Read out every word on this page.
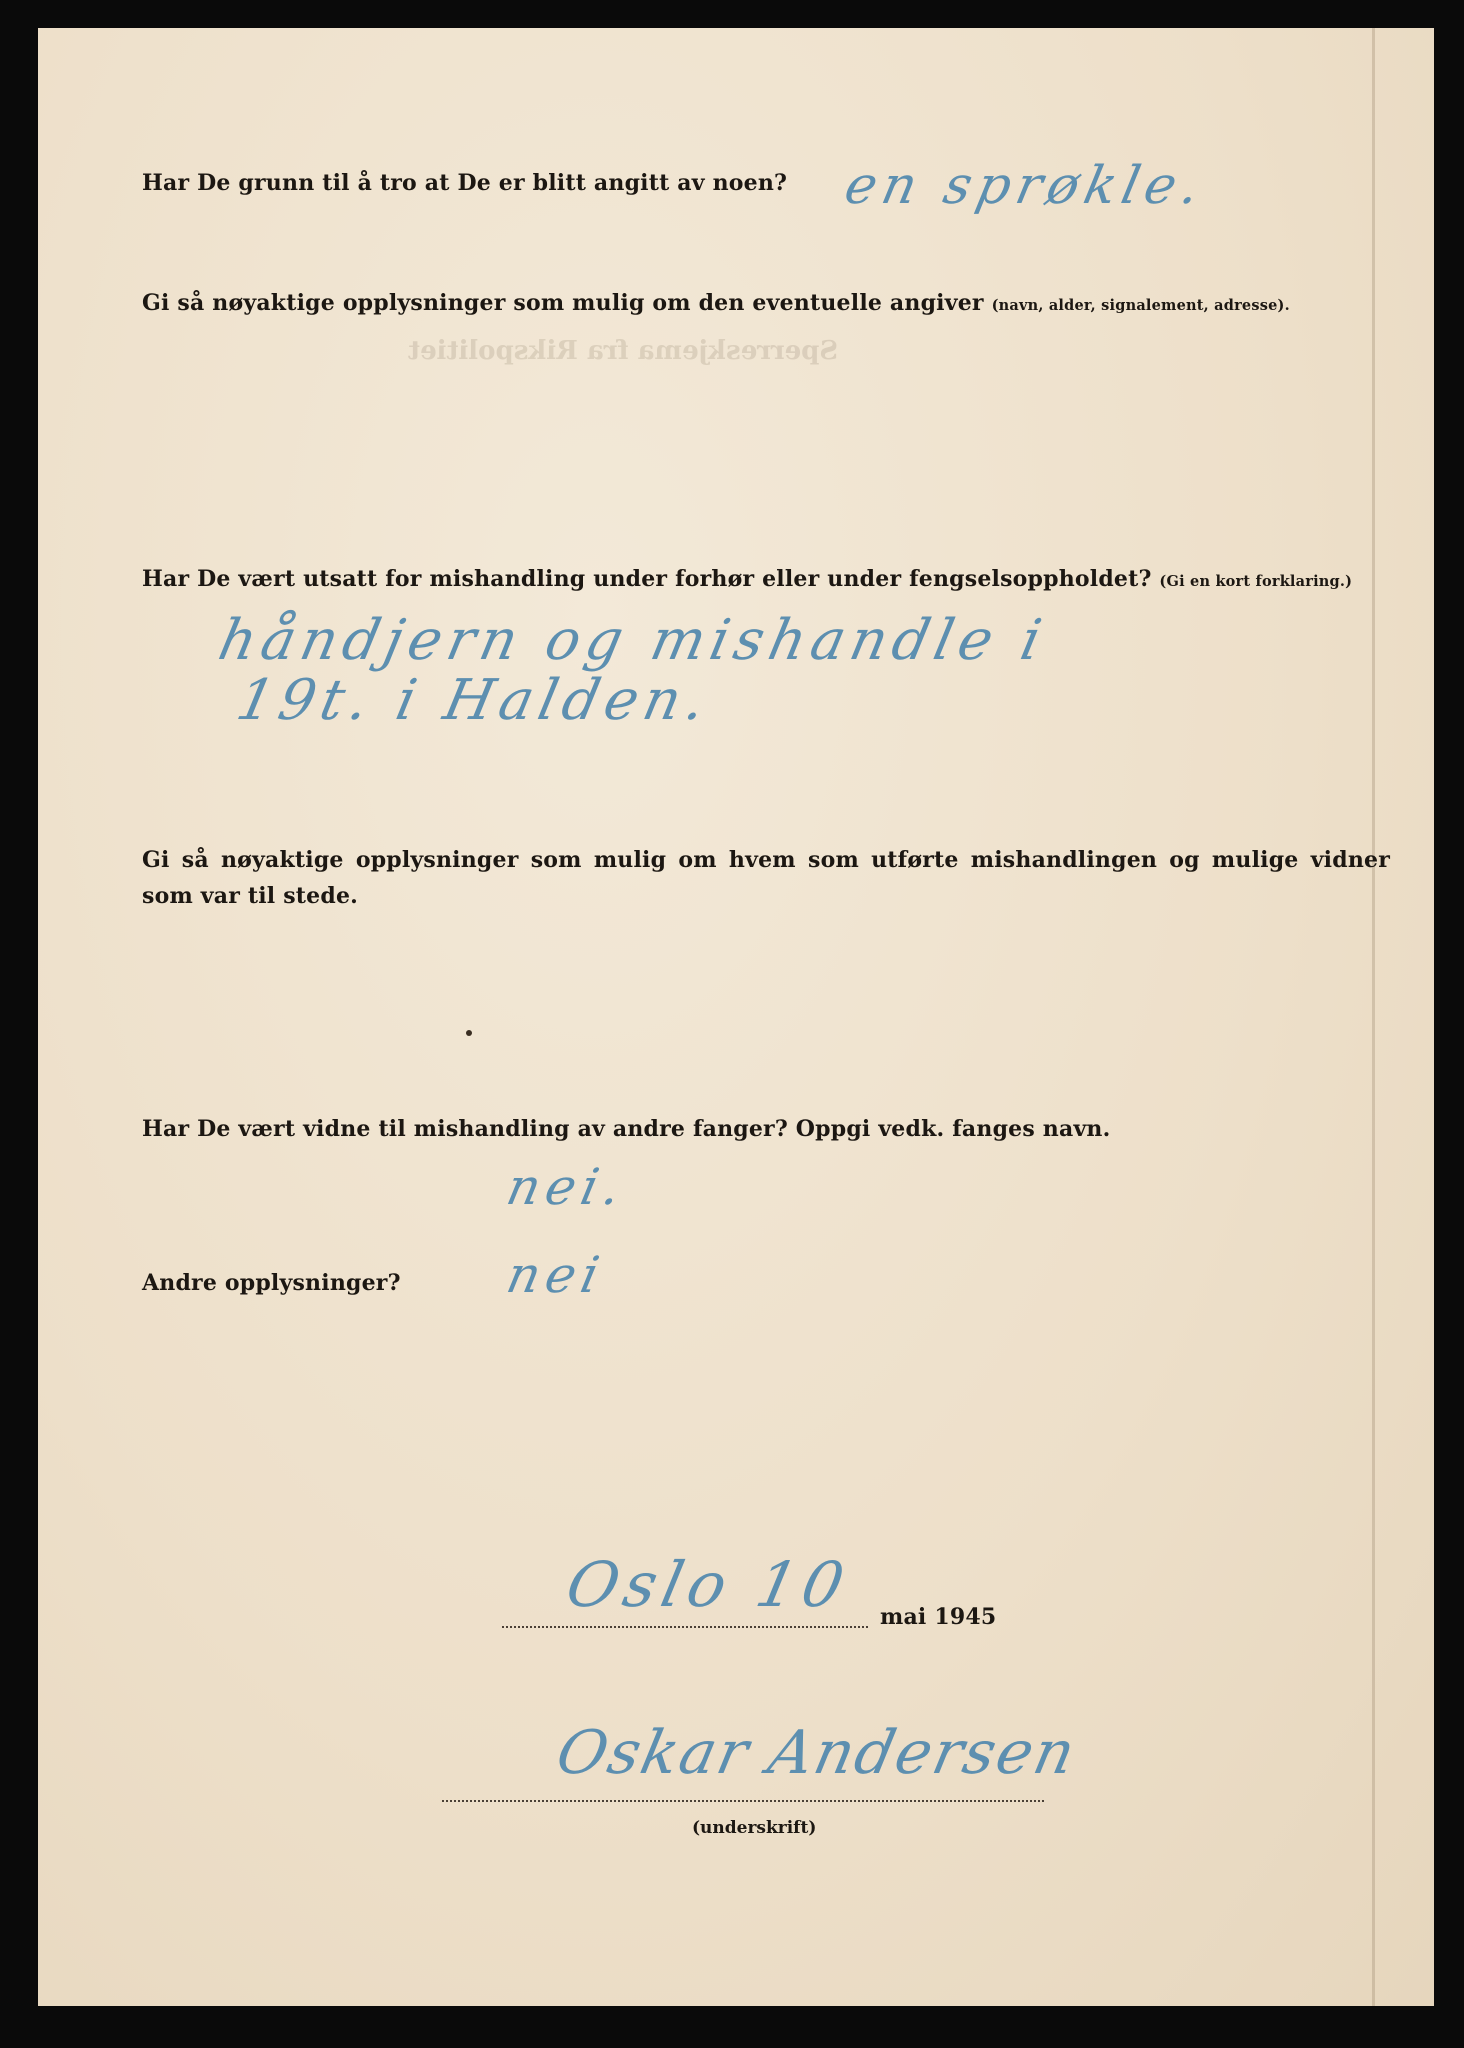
Sperreskjema fra Rikspolitiet
Har De grunn til å tro at De er blitt angitt av noen? en sprøkle.
Gi så nøyaktige opplysninger som mulig om den eventuelle angiver (navn, alder, signalement, adresse).
Har De vært utsatt for mishandling under forhør eller under fengselsoppholdet? (Gi en kort forklaring.)
håndjern og mishandle i
19t. i Halden.
Gi så nøyaktige opplysninger som mulig om hvem som utførte mishandlingen og mulige vidner som var til stede.
Har De vært vidne til mishandling av andre fanger? Oppgi vedk. fanges navn.
nei.
Andre opplysninger? nei
Oslo 10 mai 1945
Oskar Andersen
(underskrift)
